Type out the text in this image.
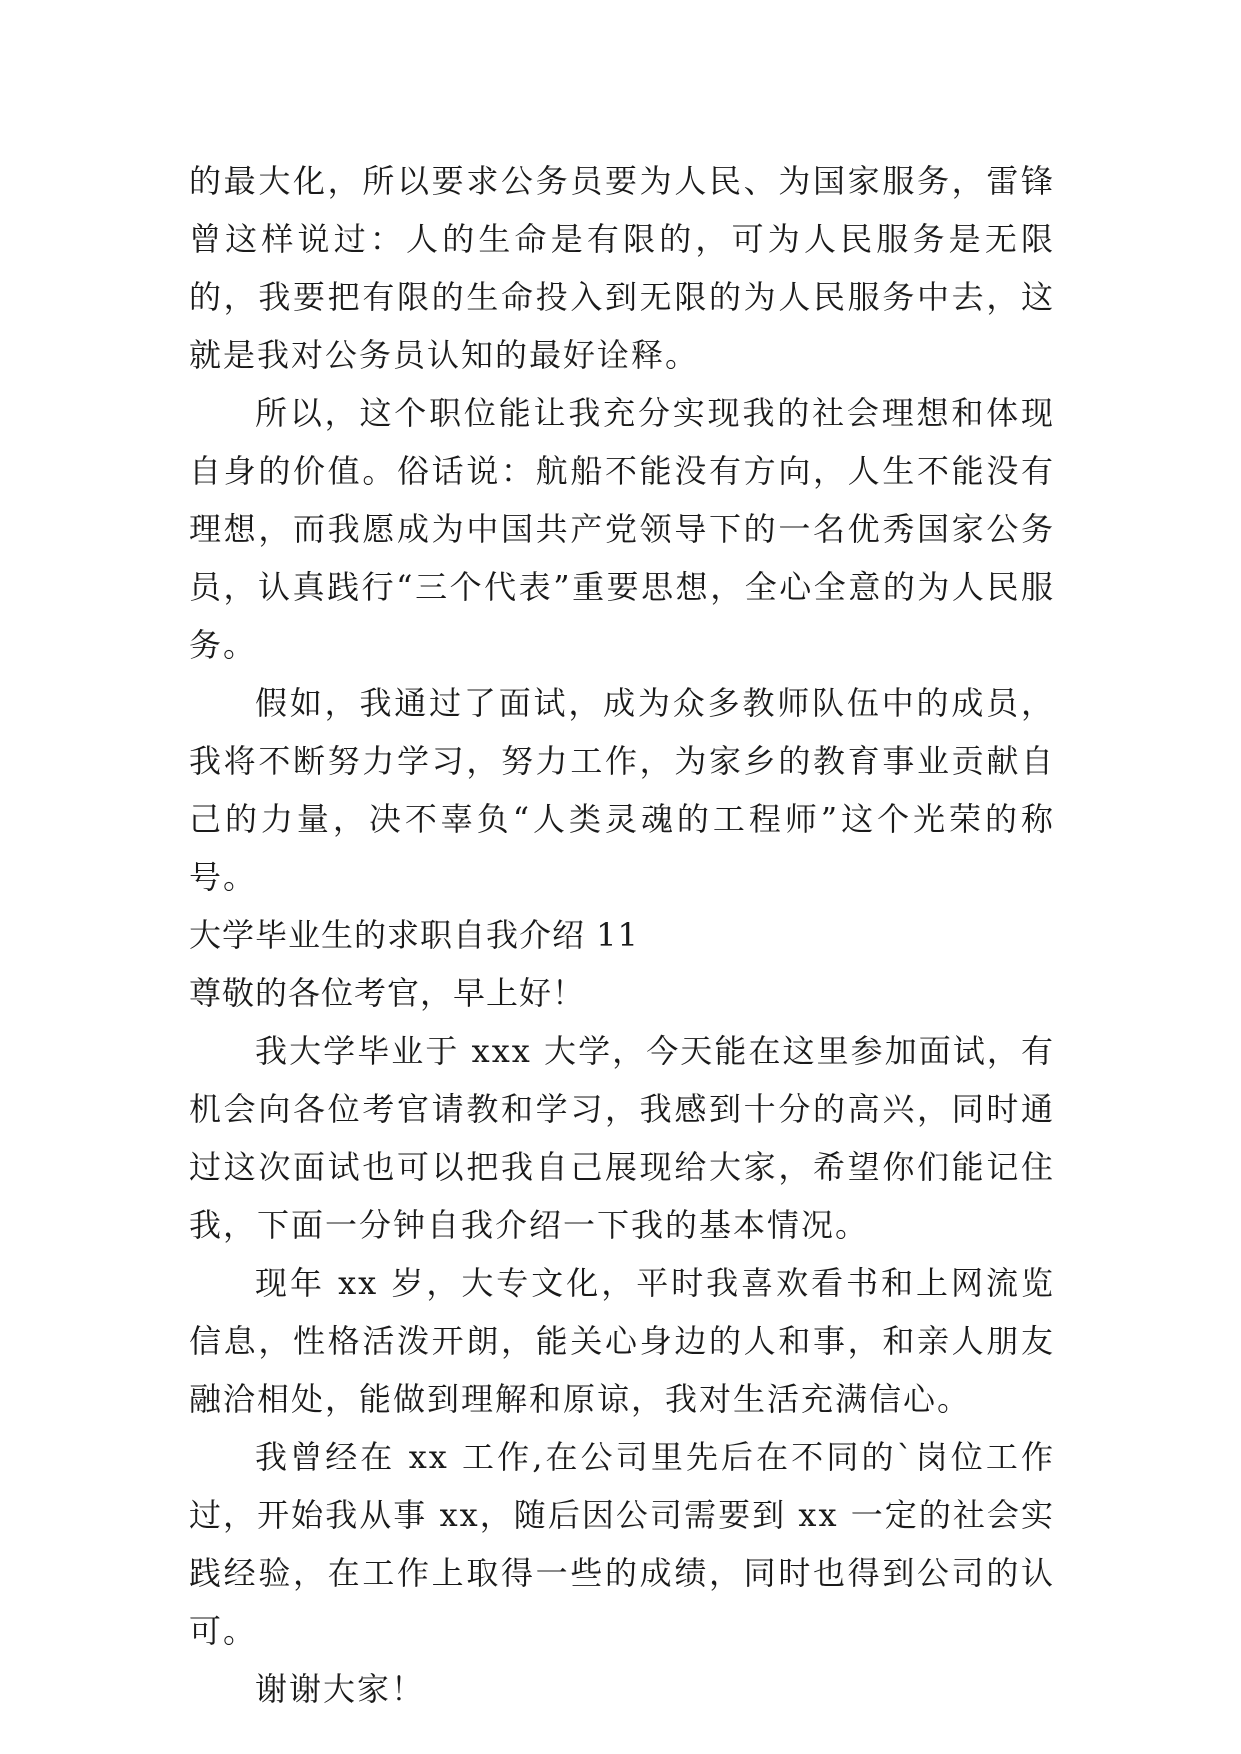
的最大化，所以要求公务员要为人民、为国家服务，雷锋曾这样说过：人的生命是有限的，可为人民服务是无限的，我要把有限的生命投入到无限的为人民服务中去，这就是我对公务员认知的最好诠释。

所以，这个职位能让我充分实现我的社会理想和体现自身的价值。俗话说：航船不能没有方向，人生不能没有理想，而我愿成为中国共产党领导下的一名优秀国家公务员，认真践行“三个代表”重要思想，全心全意的为人民服务。

假如，我通过了面试，成为众多教师队伍中的成员，我将不断努力学习，努力工作，为家乡的教育事业贡献自己的力量，决不辜负“人类灵魂的工程师”这个光荣的称号。

大学毕业生的求职自我介绍 11

尊敬的各位考官，早上好！

我大学毕业于 xxx 大学，今天能在这里参加面试，有机会向各位考官请教和学习，我感到十分的高兴，同时通过这次面试也可以把我自己展现给大家，希望你们能记住我，下面一分钟自我介绍一下我的基本情况。

现年 xx 岁，大专文化，平时我喜欢看书和上网流览信息，性格活泼开朗，能关心身边的人和事，和亲人朋友融洽相处，能做到理解和原谅，我对生活充满信心。

我曾经在 xx 工作,在公司里先后在不同的`岗位工作过，开始我从事 xx，随后因公司需要到 xx 一定的社会实践经验，在工作上取得一些的成绩，同时也得到公司的认可。

谢谢大家！
